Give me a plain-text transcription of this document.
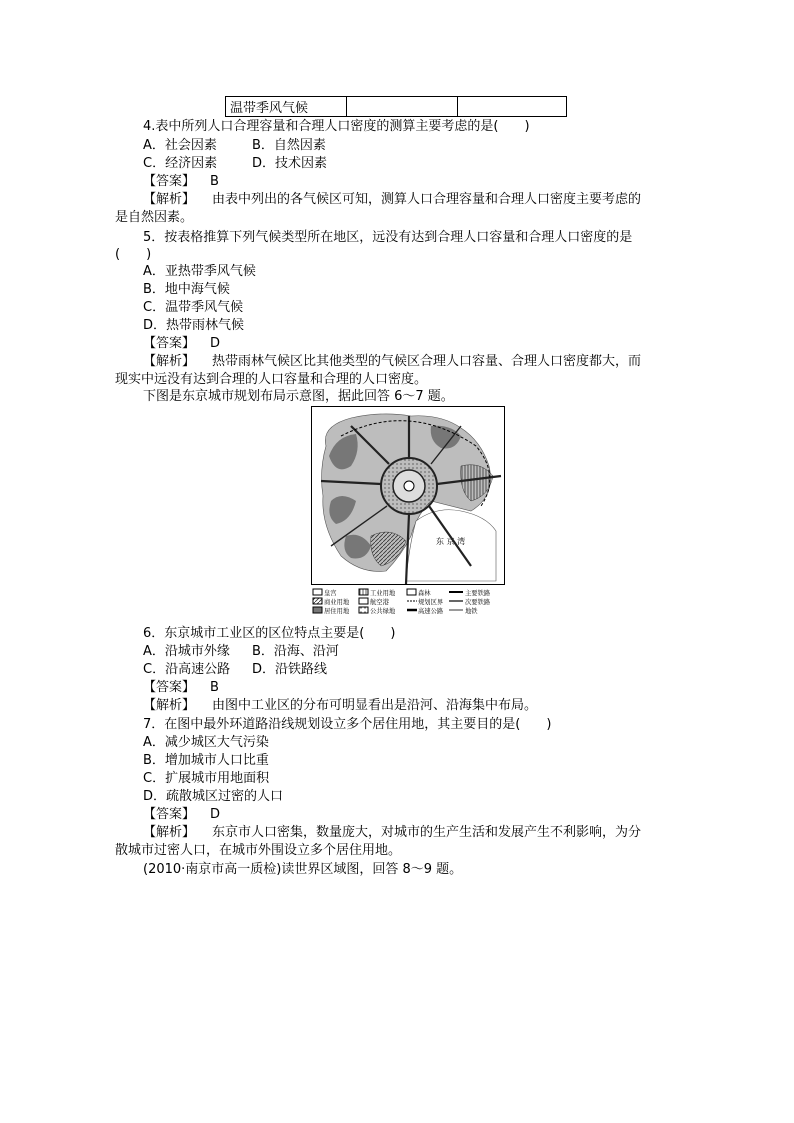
温带季风气候		
4.表中所列人口合理容量和合理人口密度的测算主要考虑的是(　　)
A．社会因素	B．自然因素
C．经济因素	D．技术因素
【答案】 B
【解析】 由表中列出的各气候区可知，测算人口合理容量和合理人口密度主要考虑的
是自然因素。
5．按表格推算下列气候类型所在地区，远没有达到合理人口容量和合理人口密度的是
(　　)
A．亚热带季风气候
B．地中海气候
C．温带季风气候
D．热带雨林气候
【答案】 D
【解析】 热带雨林气候区比其他类型的气候区合理人口容量、合理人口密度都大，而
现实中远没有达到合理的人口容量和合理的人口密度。
下图是东京城市规划布局示意图，据此回答 6～7 题。
东 京 湾
皇宫	工业用地	森林	主要铁路
商业用地	航空港	规划区界	次要铁路
居住用地	公共绿地	高速公路	地铁
6．东京城市工业区的区位特点主要是(　　)
A．沿城市外缘 B．沿海、沿河
C．沿高速公路 D．沿铁路线
【答案】 B
【解析】 由图中工业区的分布可明显看出是沿河、沿海集中布局。
7．在图中最外环道路沿线规划设立多个居住用地，其主要目的是(　　)
A．减少城区大气污染
B．增加城市人口比重
C．扩展城市用地面积
D．疏散城区过密的人口
【答案】 D
【解析】 东京市人口密集，数量庞大，对城市的生产生活和发展产生不利影响，为分
散城市过密人口，在城市外围设立多个居住用地。
(2010·南京市高一质检)读世界区域图，回答 8～9 题。
